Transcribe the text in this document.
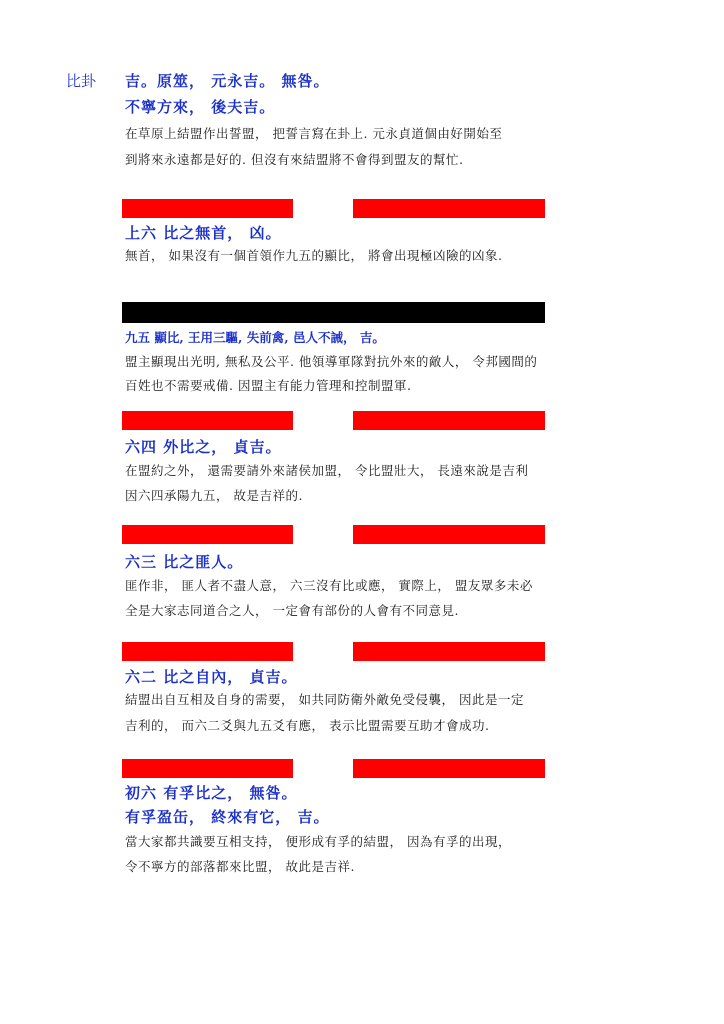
比卦 吉。原筮， 元永吉。 無咎。
不寧方來， 後夫吉。
在草原上結盟作出誓盟， 把誓言寫在卦上. 元永貞道個由好開始至
到將來永遠都是好的. 但沒有來結盟將不會得到盟友的幫忙.
上六 比之無首， 凶。
無首， 如果沒有一個首領作九五的顯比， 將會出現極凶險的凶象.
九五 顯比, 王用三驅, 失前禽, 邑人不誡， 吉。
盟主顯現出光明, 無私及公平. 他領導軍隊對抗外來的敵人， 令邦國間的
百姓也不需要戒備. 因盟主有能力管理和控制盟軍.
六四 外比之， 貞吉。
在盟約之外， 還需要請外來諸侯加盟， 令比盟壯大， 長遠來說是吉利
因六四承陽九五， 故是吉祥的.
六三 比之匪人。
匪作非， 匪人者不盡人意， 六三沒有比或應， 實際上， 盟友眾多未必
全是大家志同道合之人， 一定會有部份的人會有不同意見.
六二 比之自內， 貞吉。
結盟出自互相及自身的需要， 如共同防衛外敵免受侵襲， 因此是一定
吉利的， 而六二爻與九五爻有應， 表示比盟需要互助才會成功.
初六 有孚比之， 無咎。
有孚盈缶， 終來有它， 吉。
當大家都共識要互相支持， 便形成有孚的結盟， 因為有孚的出現，
令不寧方的部落都來比盟， 故此是吉祥.
